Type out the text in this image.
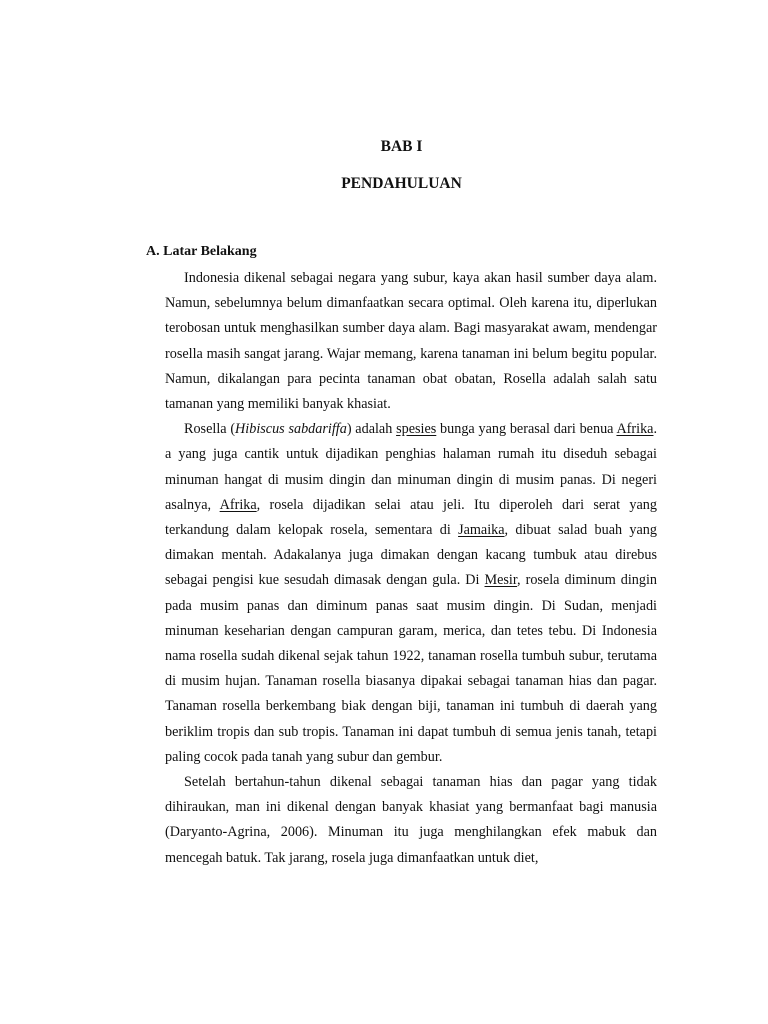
BAB I
PENDAHULUAN
A. Latar Belakang

Indonesia dikenal sebagai negara yang subur, kaya akan hasil sumber daya alam. Namun, sebelumnya belum dimanfaatkan secara optimal. Oleh karena itu, diperlukan terobosan untuk menghasilkan sumber daya alam. Bagi masyarakat awam, mendengar rosella masih sangat jarang. Wajar memang, karena tanaman ini belum begitu popular. Namun, dikalangan para pecinta tanaman obat obatan, Rosella adalah salah satu tamanan yang memiliki banyak khasiat.

Rosella (Hibiscus sabdariffa) adalah spesies bunga yang berasal dari benua Afrika. a yang juga cantik untuk dijadikan penghias halaman rumah itu diseduh sebagai minuman hangat di musim dingin dan minuman dingin di musim panas. Di negeri asalnya, Afrika, rosela dijadikan selai atau jeli. Itu diperoleh dari serat yang terkandung dalam kelopak rosela, sementara di Jamaika, dibuat salad buah yang dimakan mentah. Adakalanya juga dimakan dengan kacang tumbuk atau direbus sebagai pengisi kue sesudah dimasak dengan gula. Di Mesir, rosela diminum dingin pada musim panas dan diminum panas saat musim dingin. Di Sudan, menjadi minuman keseharian dengan campuran garam, merica, dan tetes tebu. Di Indonesia nama rosella sudah dikenal sejak tahun 1922, tanaman rosella tumbuh subur, terutama di musim hujan. Tanaman rosella biasanya dipakai sebagai tanaman hias dan pagar. Tanaman rosella berkembang biak dengan biji, tanaman ini tumbuh di daerah yang beriklim tropis dan sub tropis. Tanaman ini dapat tumbuh di semua jenis tanah, tetapi paling cocok pada tanah yang subur dan gembur.

Setelah bertahun-tahun dikenal sebagai tanaman hias dan pagar yang tidak dihiraukan, man ini dikenal dengan banyak khasiat yang bermanfaat bagi manusia (Daryanto-Agrina, 2006). Minuman itu juga menghilangkan efek mabuk dan mencegah batuk. Tak jarang, rosela juga dimanfaatkan untuk diet,
